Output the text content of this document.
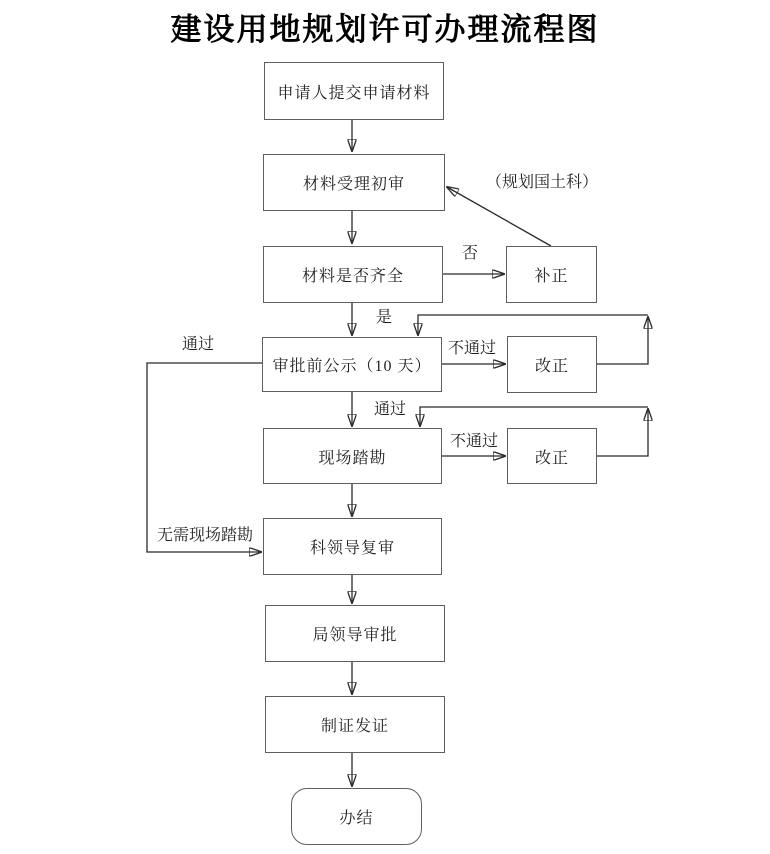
建设用地规划许可办理流程图
申请人提交申请材料
材料受理初审
材料是否齐全	补正
审批前公示（10 天）	改正
现场踏勘	改正
科领导复审
局领导审批
制证发证
办结
（规划国土科）
否
是
通过	不通过
通过
不通过
无需现场踏勘
